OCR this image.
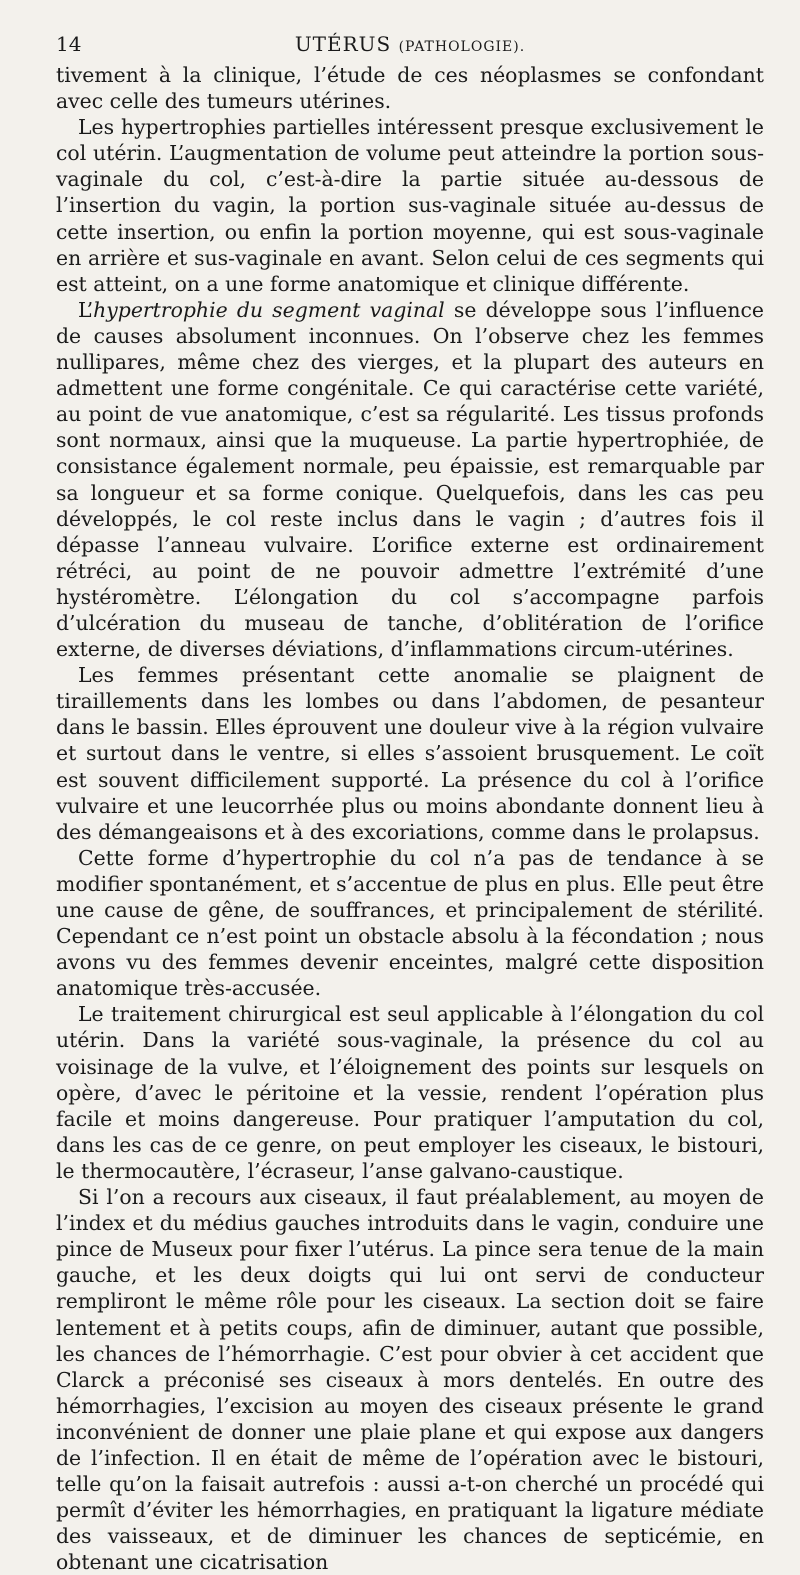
14	UTÉRUS (PATHOLOGIE).

tivement à la clinique, l’étude de ces néoplasmes se confondant avec celle des tumeurs utérines.

Les hypertrophies partielles intéressent presque exclusivement le col utérin. L’augmentation de volume peut atteindre la portion sous-vaginale du col, c’est-à-dire la partie située au-dessous de l’insertion du vagin, la portion sus-vaginale située au-dessus de cette insertion, ou enfin la portion moyenne, qui est sous-vaginale en arrière et sus-vaginale en avant. Selon celui de ces segments qui est atteint, on a une forme anatomique et clinique différente.

L’hypertrophie du segment vaginal se développe sous l’influence de causes absolument inconnues. On l’observe chez les femmes nullipares, même chez des vierges, et la plupart des auteurs en admettent une forme congénitale. Ce qui caractérise cette variété, au point de vue anatomique, c’est sa régularité. Les tissus profonds sont normaux, ainsi que la muqueuse. La partie hypertrophiée, de consistance également normale, peu épaissie, est remarquable par sa longueur et sa forme conique. Quelquefois, dans les cas peu développés, le col reste inclus dans le vagin ; d’autres fois il dépasse l’anneau vulvaire. L’orifice externe est ordinairement rétréci, au point de ne pouvoir admettre l’extrémité d’une hystéromètre. L’élongation du col s’accompagne parfois d’ulcération du museau de tanche, d’oblitération de l’orifice externe, de diverses déviations, d’inflammations circum-utérines.

Les femmes présentant cette anomalie se plaignent de tiraillements dans les lombes ou dans l’abdomen, de pesanteur dans le bassin. Elles éprouvent une douleur vive à la région vulvaire et surtout dans le ventre, si elles s’assoient brusquement. Le coït est souvent difficilement supporté. La présence du col à l’orifice vulvaire et une leucorrhée plus ou moins abondante donnent lieu à des démangeaisons et à des excoriations, comme dans le prolapsus.

Cette forme d’hypertrophie du col n’a pas de tendance à se modifier spontanément, et s’accentue de plus en plus. Elle peut être une cause de gêne, de souffrances, et principalement de stérilité. Cependant ce n’est point un obstacle absolu à la fécondation ; nous avons vu des femmes devenir enceintes, malgré cette disposition anatomique très-accusée.

Le traitement chirurgical est seul applicable à l’élongation du col utérin. Dans la variété sous-vaginale, la présence du col au voisinage de la vulve, et l’éloignement des points sur lesquels on opère, d’avec le péritoine et la vessie, rendent l’opération plus facile et moins dangereuse. Pour pratiquer l’amputation du col, dans les cas de ce genre, on peut employer les ciseaux, le bistouri, le thermocautère, l’écraseur, l’anse galvano-caustique.

Si l’on a recours aux ciseaux, il faut préalablement, au moyen de l’index et du médius gauches introduits dans le vagin, conduire une pince de Museux pour fixer l’utérus. La pince sera tenue de la main gauche, et les deux doigts qui lui ont servi de conducteur rempliront le même rôle pour les ciseaux. La section doit se faire lentement et à petits coups, afin de diminuer, autant que possible, les chances de l’hémorrhagie. C’est pour obvier à cet accident que Clarck a préconisé ses ciseaux à mors dentelés. En outre des hémorrhagies, l’excision au moyen des ciseaux présente le grand inconvénient de donner une plaie plane et qui expose aux dangers de l’infection. Il en était de même de l’opération avec le bistouri, telle qu’on la faisait autrefois : aussi a-t-on cherché un procédé qui permît d’éviter les hémorrhagies, en pratiquant la ligature médiate des vaisseaux, et de diminuer les chances de septicémie, en obtenant une cicatrisation
